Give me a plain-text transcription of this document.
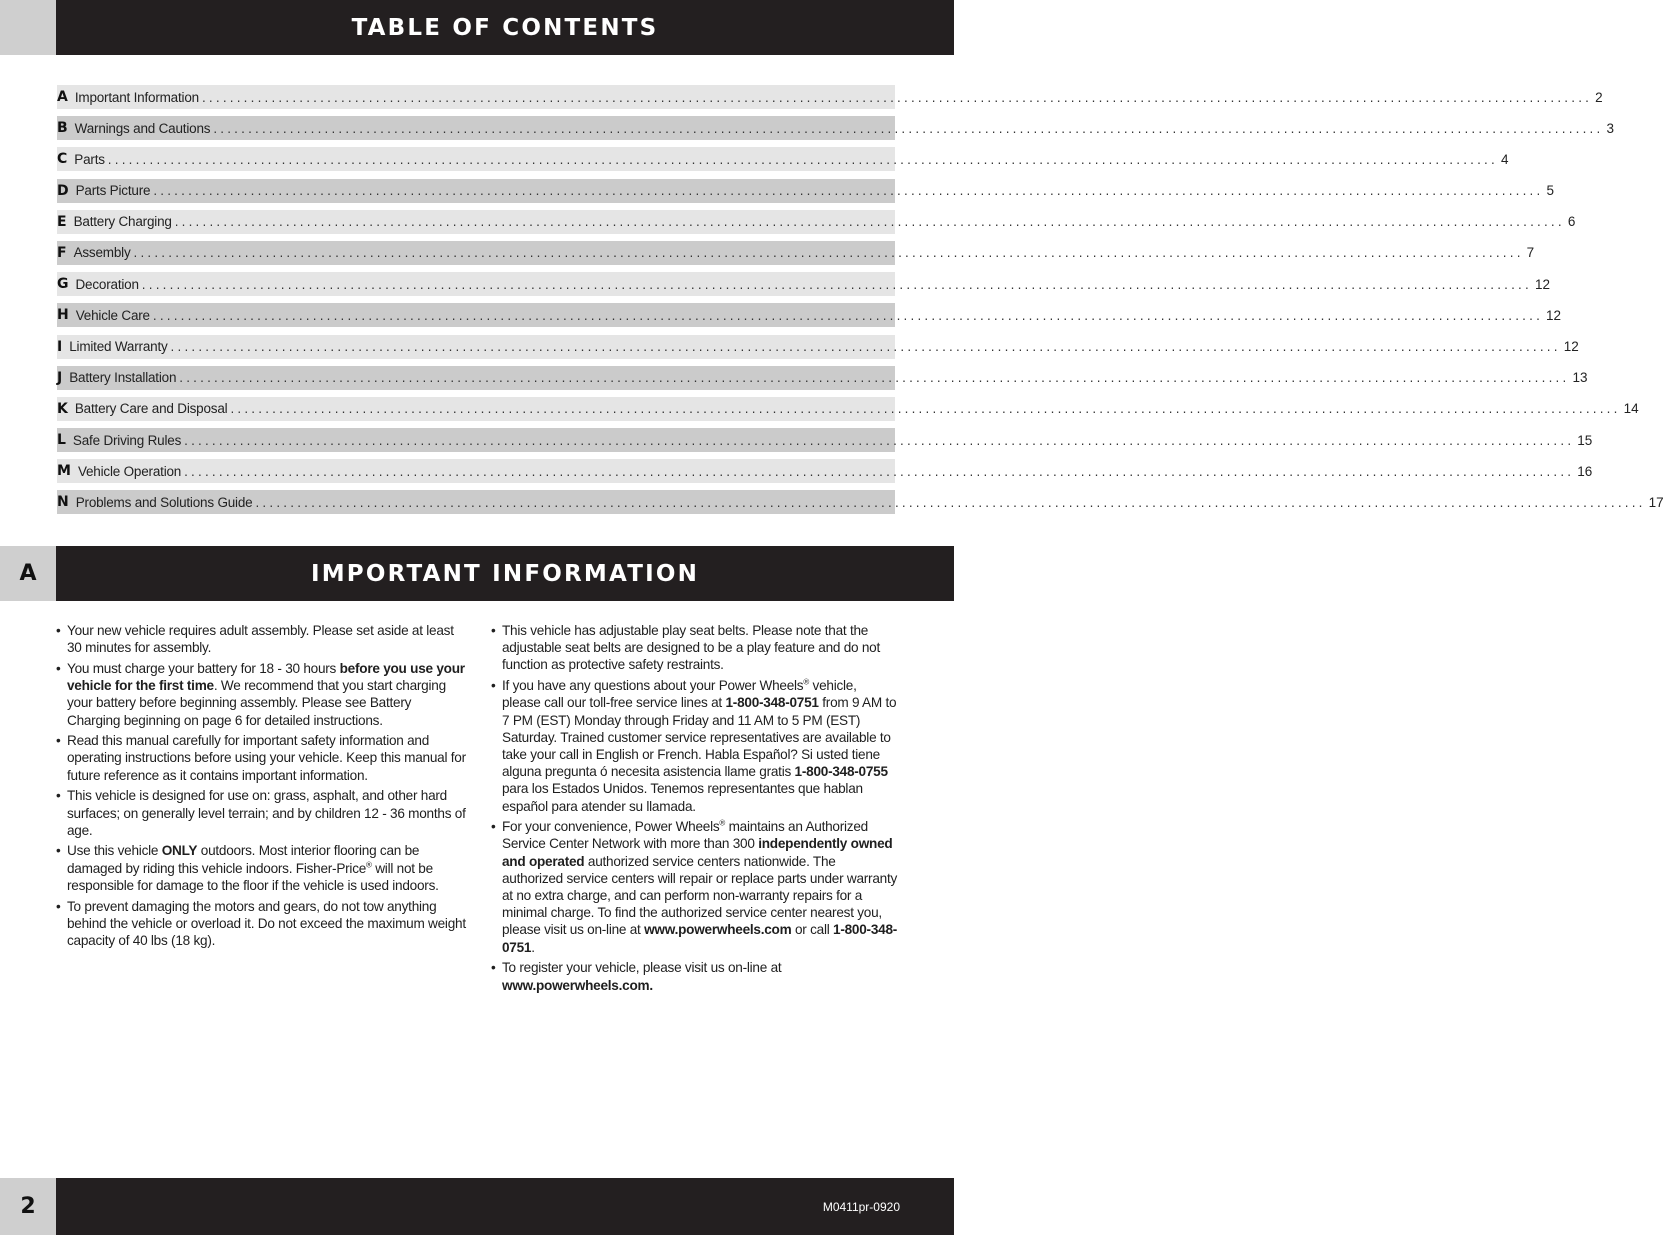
TABLE OF CONTENTS
A Important Information ........................................................................................................................................................................................................ 2
B Warnings and Cautions ........................................................................................................................................................................................................ 3
C Parts ........................................................................................................................................................................................................ 4
D Parts Picture ........................................................................................................................................................................................................ 5
E Battery Charging ........................................................................................................................................................................................................ 6
F Assembly ........................................................................................................................................................................................................ 7
G Decoration ........................................................................................................................................................................................................ 12
H Vehicle Care ........................................................................................................................................................................................................ 12
I Limited Warranty ........................................................................................................................................................................................................ 12
J Battery Installation ........................................................................................................................................................................................................ 13
K Battery Care and Disposal ........................................................................................................................................................................................................ 14
L Safe Driving Rules ........................................................................................................................................................................................................ 15
M Vehicle Operation ........................................................................................................................................................................................................ 16
N Problems and Solutions Guide ........................................................................................................................................................................................................ 17
A	IMPORTANT INFORMATION
• Your new vehicle requires adult assembly. Please set aside at least 30 minutes for assembly.
• You must charge your battery for 18 - 30 hours before you use your vehicle for the first time. We recommend that you start charging your battery before beginning assembly. Please see Battery Charging beginning on page 6 for detailed instructions.
• Read this manual carefully for important safety information and operating instructions before using your vehicle. Keep this manual for future reference as it contains important information.
• This vehicle is designed for use on: grass, asphalt, and other hard surfaces; on generally level terrain; and by children 12 - 36 months of age.
• Use this vehicle ONLY outdoors. Most interior flooring can be damaged by riding this vehicle indoors. Fisher-Price® will not be responsible for damage to the floor if the vehicle is used indoors.
• To prevent damaging the motors and gears, do not tow anything behind the vehicle or overload it. Do not exceed the maximum weight capacity of 40 lbs (18 kg).
• This vehicle has adjustable play seat belts. Please note that the adjustable seat belts are designed to be a play feature and do not function as protective safety restraints.
• If you have any questions about your Power Wheels® vehicle, please call our toll-free service lines at 1-800-348-0751 from 9 AM to 7 PM (EST) Monday through Friday and 11 AM to 5 PM (EST) Saturday. Trained customer service representatives are available to take your call in English or French. Habla Español? Si usted tiene alguna pregunta ó necesita asistencia llame gratis 1-800-348-0755 para los Estados Unidos. Tenemos representantes que hablan español para atender su llamada.
• For your convenience, Power Wheels® maintains an Authorized Service Center Network with more than 300 independently owned and operated authorized service centers nationwide. The authorized service centers will repair or replace parts under warranty at no extra charge, and can perform non-warranty repairs for a minimal charge. To find the authorized service center nearest you, please visit us on-line at www.powerwheels.com or call 1-800-348-0751.
• To register your vehicle, please visit us on-line at www.powerwheels.com.
2	M0411pr-0920
